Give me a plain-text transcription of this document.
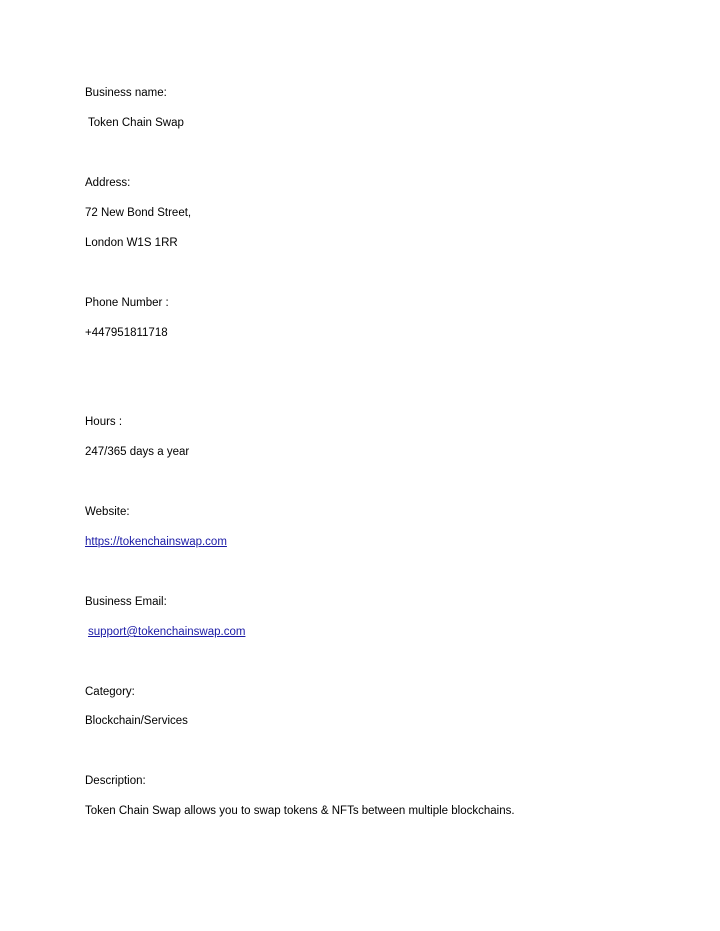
Business name:
Token Chain Swap
Address:
72 New Bond Street,
London W1S 1RR
Phone Number :
+447951811718
Hours :
247/365 days a year
Website:
https://tokenchainswap.com
Business Email:
support@tokenchainswap.com
Category:
Blockchain/Services
Description:
Token Chain Swap allows you to swap tokens & NFTs between multiple blockchains.
